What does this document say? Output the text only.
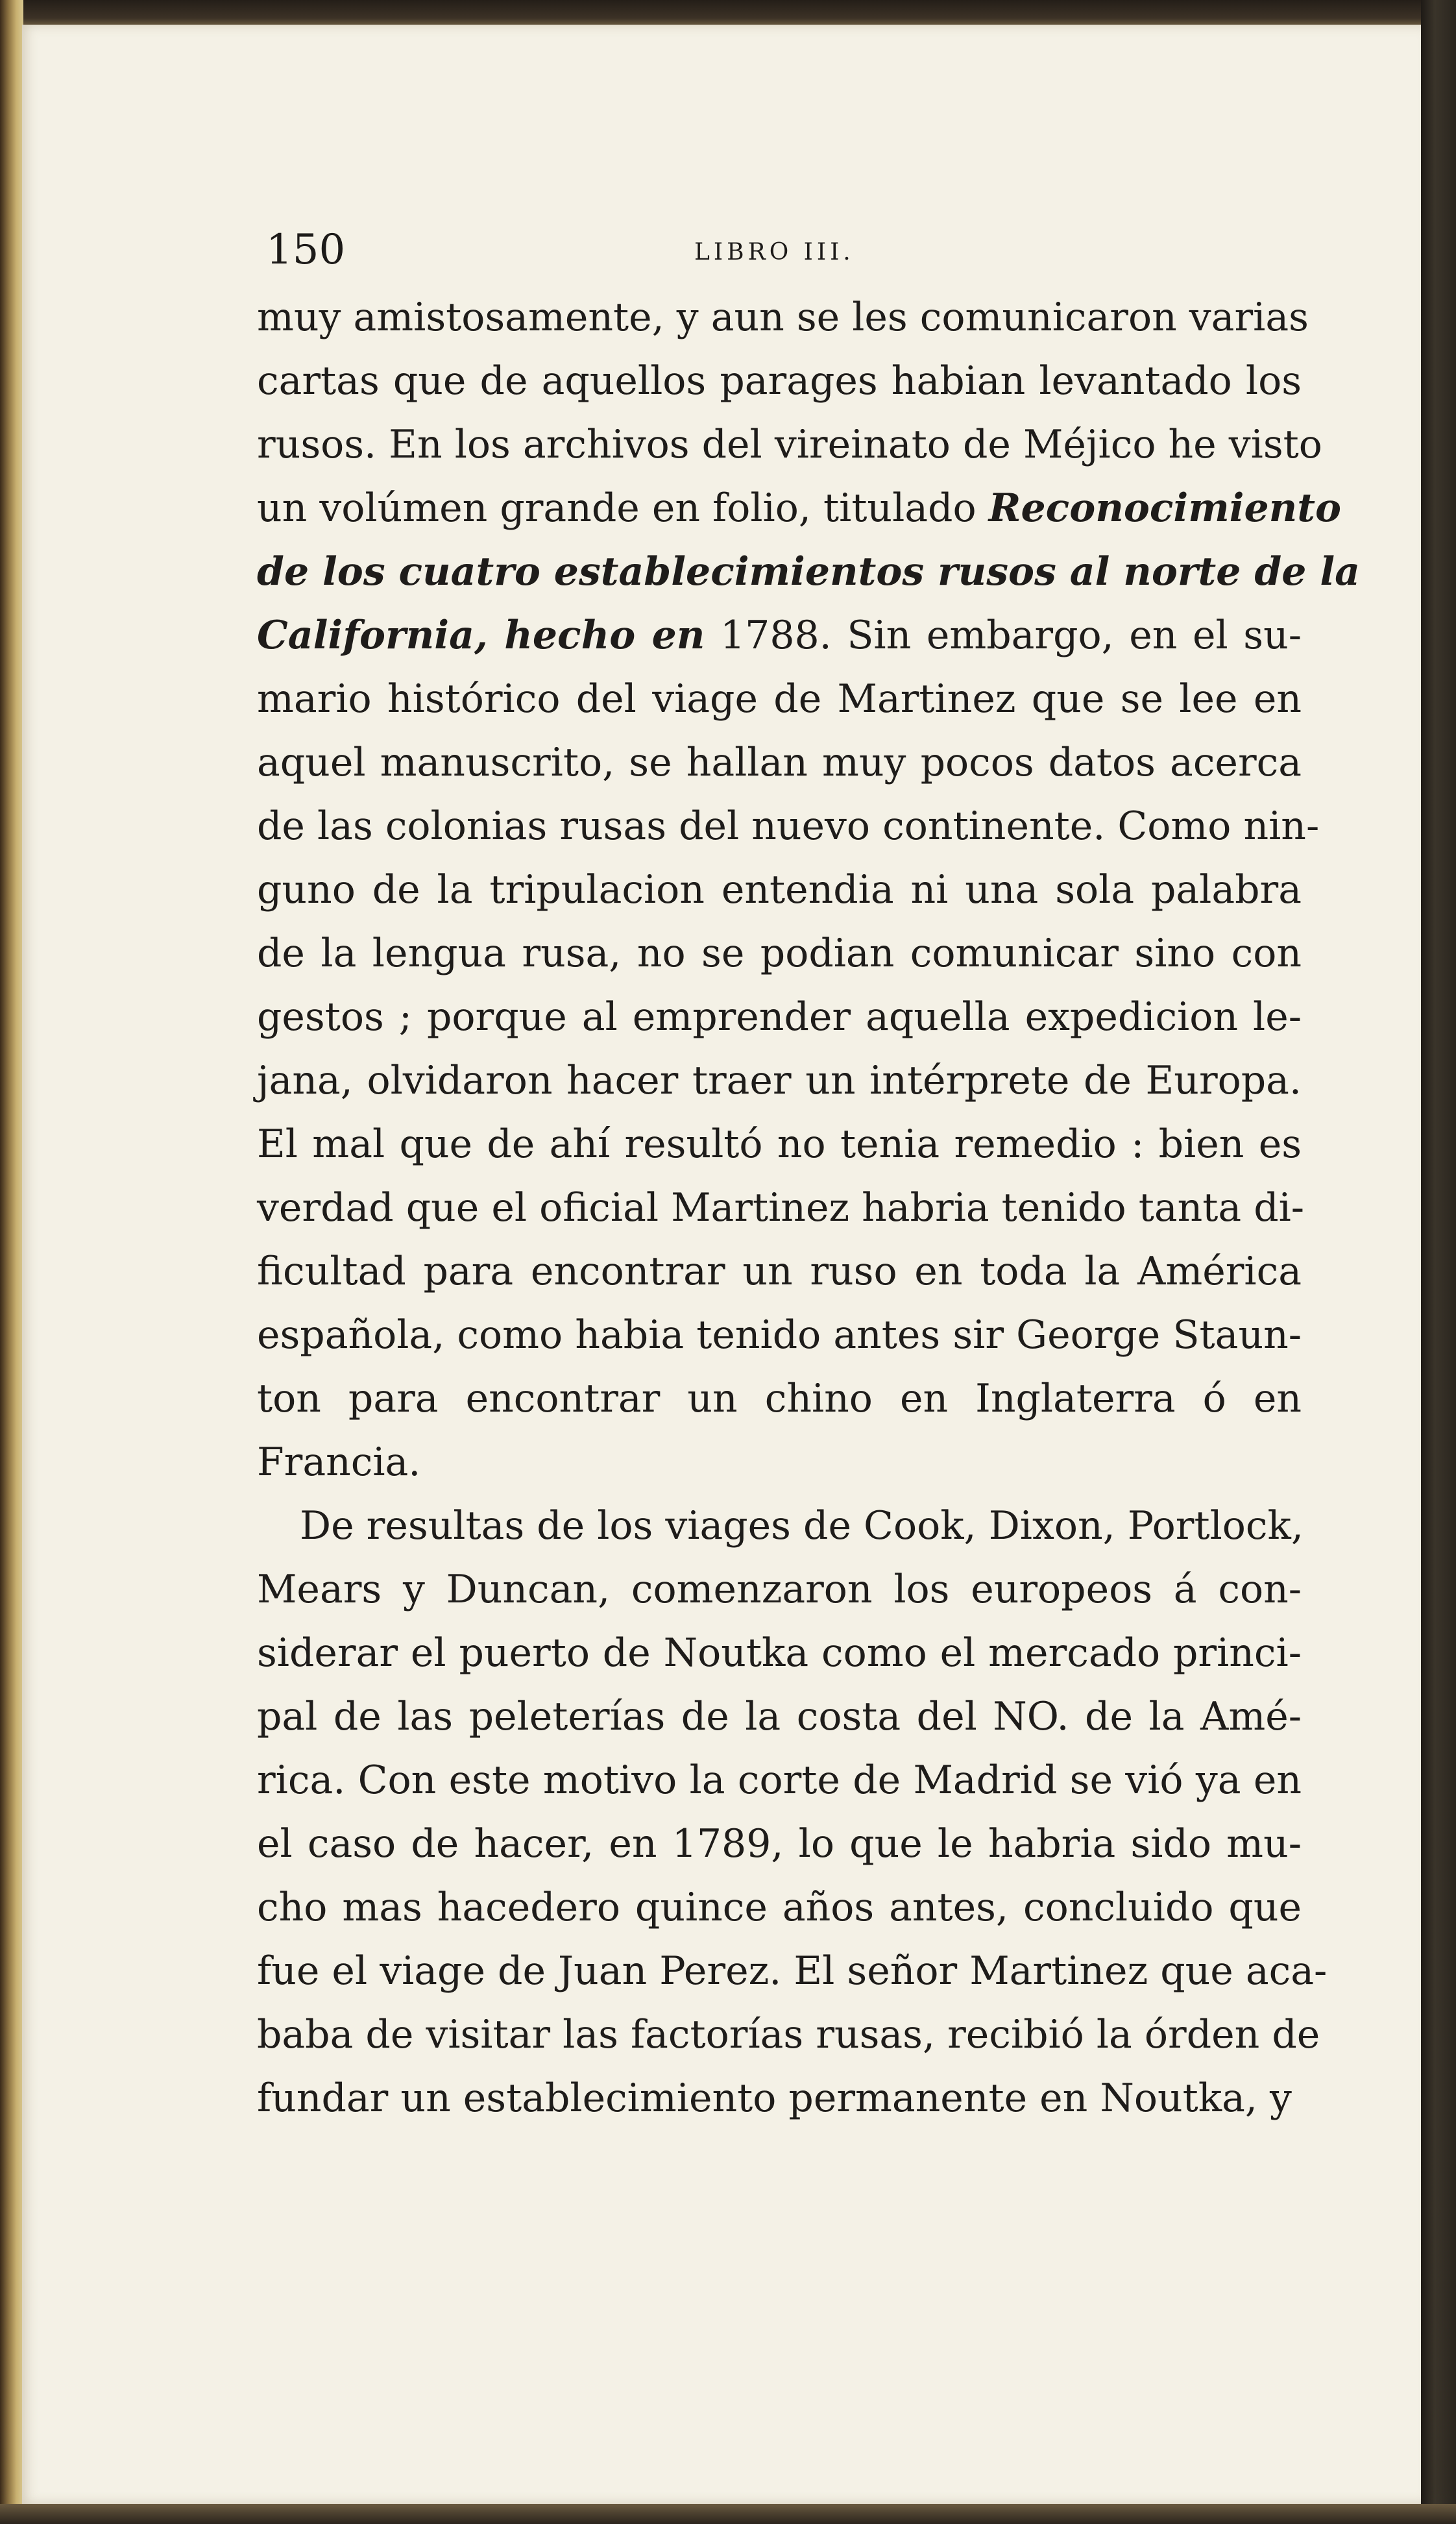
150	LIBRO III.
muy amistosamente, y aun se les comunicaron varias
cartas que de aquellos parages habian levantado los
rusos. En los archivos del vireinato de Méjico he visto
un volúmen grande en folio, titulado Reconocimiento
de los cuatro establecimientos rusos al norte de la
California, hecho en 1788. Sin embargo, en el su-
mario histórico del viage de Martinez que se lee en
aquel manuscrito, se hallan muy pocos datos acerca
de las colonias rusas del nuevo continente. Como nin-
guno de la tripulacion entendia ni una sola palabra
de la lengua rusa, no se podian comunicar sino con
gestos ; porque al emprender aquella expedicion le-
jana, olvidaron hacer traer un intérprete de Europa.
El mal que de ahí resultó no tenia remedio : bien es
verdad que el oficial Martinez habria tenido tanta di-
ficultad para encontrar un ruso en toda la América
española, como habia tenido antes sir George Staun-
ton para encontrar un chino en Inglaterra ó en
Francia.
De resultas de los viages de Cook, Dixon, Portlock,
Mears y Duncan, comenzaron los europeos á con-
siderar el puerto de Noutka como el mercado princi-
pal de las peleterías de la costa del NO. de la Amé-
rica. Con este motivo la corte de Madrid se vió ya en
el caso de hacer, en 1789, lo que le habria sido mu-
cho mas hacedero quince años antes, concluido que
fue el viage de Juan Perez. El señor Martinez que aca-
baba de visitar las factorías rusas, recibió la órden de
fundar un establecimiento permanente en Noutka, y
